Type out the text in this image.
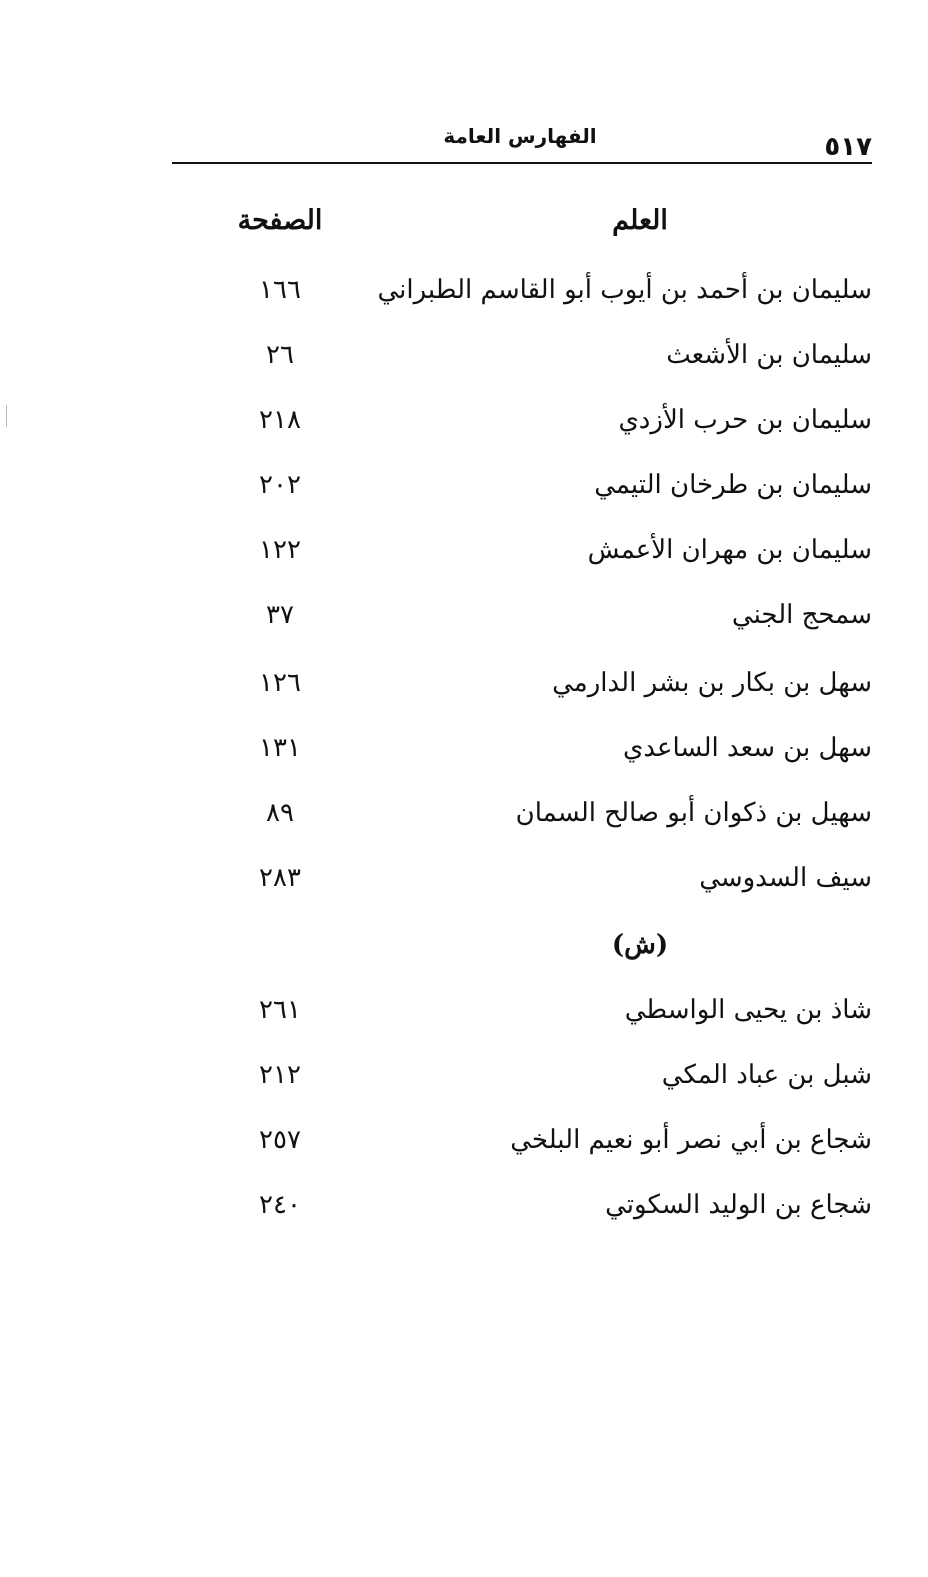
٥١٧
الفهارس العامة
العلم
الصفحة
سليمان بن أحمد بن أيوب أبو القاسم الطبراني
١٦٦
سليمان بن الأشعث
٢٦
سليمان بن حرب الأزدي
٢١٨
سليمان بن طرخان التيمي
٢٠٢
سليمان بن مهران الأعمش
١٢٢
سمحج الجني
٣٧
سهل بن بكار بن بشر الدارمي
١٢٦
سهل بن سعد الساعدي
١٣١
سهيل بن ذكوان أبو صالح السمان
٨٩
سيف السدوسي
٢٨٣
(ش)
شاذ بن يحيى الواسطي
٢٦١
شبل بن عباد المكي
٢١٢
شجاع بن أبي نصر أبو نعيم البلخي
٢٥٧
شجاع بن الوليد السكوتي
٢٤٠
